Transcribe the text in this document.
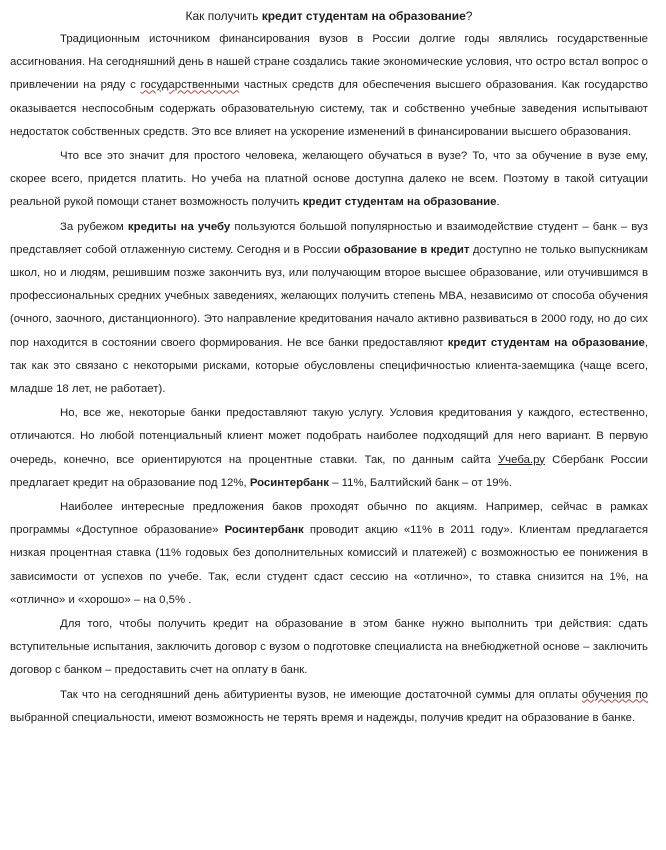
Как получить кредит студентам на образование?

Традиционным источником финансирования вузов в России долгие годы являлись государственные ассигнования. На сегодняшний день в нашей стране создались такие экономические условия, что остро встал вопрос о привлечении на ряду с государственными частных средств для обеспечения высшего образования. Как государство оказывается неспособным содержать образовательную систему, так и собственно учебные заведения испытывают недостаток собственных средств. Это все влияет на ускорение изменений в финансировании высшего образования.

Что все это значит для простого человека, желающего обучаться в вузе? То, что за обучение в вузе ему, скорее всего, придется платить. Но учеба на платной основе доступна далеко не всем. Поэтому в такой ситуации реальной рукой помощи станет возможность получить кредит студентам на образование.

За рубежом кредиты на учебу пользуются большой популярностью и взаимодействие студент – банк – вуз представляет собой отлаженную систему. Сегодня и в России образование в кредит доступно не только выпускникам школ, но и людям, решившим позже закончить вуз, или получающим второе высшее образование, или отучившимся в профессиональных средних учебных заведениях, желающих получить степень MBA, независимо от способа обучения (очного, заочного, дистанционного). Это направление кредитования начало активно развиваться в 2000 году, но до сих пор находится в состоянии своего формирования. Не все банки предоставляют кредит студентам на образование, так как это связано с некоторыми рисками, которые обусловлены специфичностью клиента-заемщика (чаще всего, младше 18 лет, не работает).

Но, все же, некоторые банки предоставляют такую услугу. Условия кредитования у каждого, естественно, отличаются. Но любой потенциальный клиент может подобрать наиболее подходящий для него вариант. В первую очередь, конечно, все ориентируются на процентные ставки. Так, по данным сайта Учеба.ру Сбербанк России предлагает кредит на образование под 12%, Росинтербанк – 11%, Балтийский банк – от 19%.

Наиболее интересные предложения баков проходят обычно по акциям. Например, сейчас в рамках программы «Доступное образование» Росинтербанк проводит акцию «11% в 2011 году». Клиентам предлагается низкая процентная ставка (11% годовых без дополнительных комиссий и платежей) с возможностью ее понижения в зависимости от успехов по учебе. Так, если студент сдаст сессию на «отлично», то ставка снизится на 1%, на «отлично» и «хорошо» – на 0,5% .

Для того, чтобы получить кредит на образование в этом банке нужно выполнить три действия: сдать вступительные испытания, заключить договор с вузом о подготовке специалиста на внебюджетной основе – заключить договор с банком – предоставить счет на оплату в банк.

Так что на сегодняшний день абитуриенты вузов, не имеющие достаточной суммы для оплаты обучения по выбранной специальности, имеют возможность не терять время и надежды, получив кредит на образование в банке.
